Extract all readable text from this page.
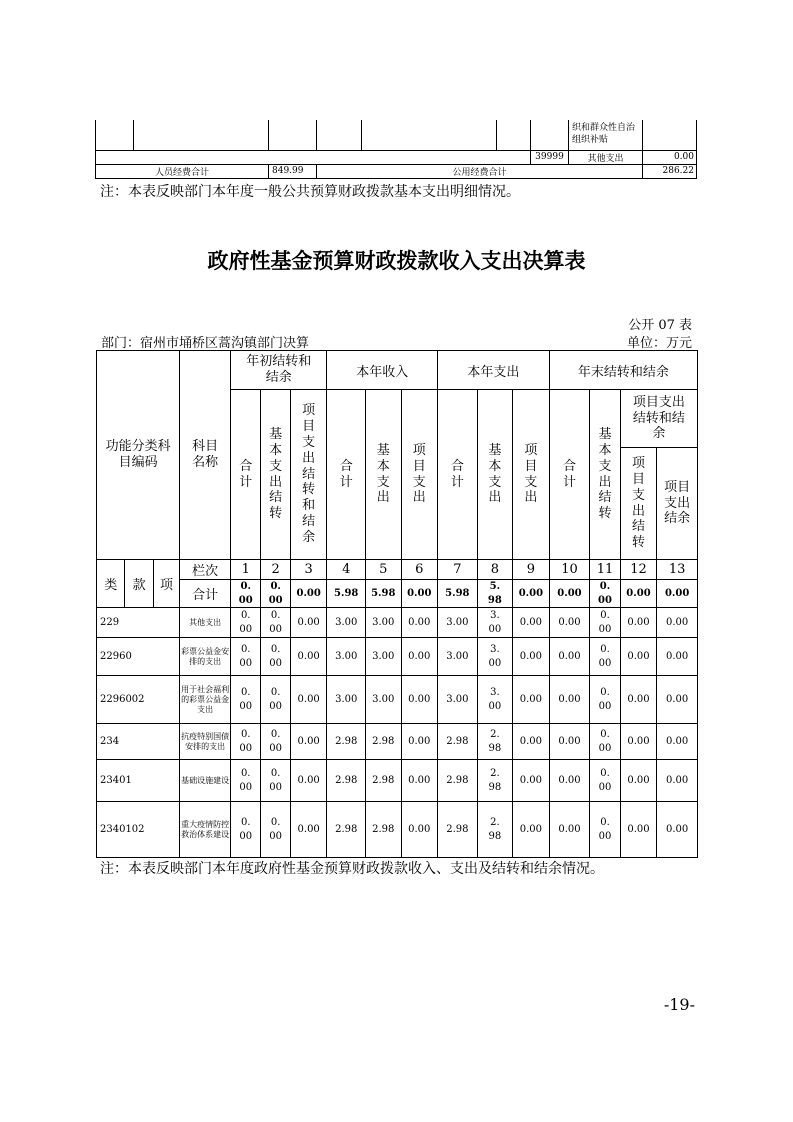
							织和群众性自治组织补贴	
						39999	其他支出	0.00
人员经费合计		849.99	公用经费合计					286.22
注：本表反映部门本年度一般公共预算财政拨款基本支出明细情况。
政府性基金预算财政拨款收入支出决算表
公开 07 表
部门：宿州市埇桥区蒿沟镇部门决算	单位：万元
功能分类科目编码			科目名称	年初结转和结余			本年收入			本年支出			年末结转和结余			

				合计	基本支出结转	项目支出结转和结余	合计	基本支出	项目支出	合计	基本支出	项目支出	合计	基本支出结转	项目支出结转和结余	

															项目支出结转	项目支出结余

类	款	项	栏次	1	2	3	4	5	6	7	8	9	10	11	12	13
			合计	0.00	0.00	0.00	5.98	5.98	0.00	5.98	5.98	0.00	0.00	0.00	0.00	0.00
229			其他支出	0.00	0.00	0.00	3.00	3.00	0.00	3.00	3.00	0.00	0.00	0.00	0.00	0.00
22960			彩票公益金安排的支出	0.00	0.00	0.00	3.00	3.00	0.00	3.00	3.00	0.00	0.00	0.00	0.00	0.00
2296002			用于社会福利的彩票公益金支出	0.00	0.00	0.00	3.00	3.00	0.00	3.00	3.00	0.00	0.00	0.00	0.00	0.00
234			抗疫特别国债安排的支出	0.00	0.00	0.00	2.98	2.98	0.00	2.98	2.98	0.00	0.00	0.00	0.00	0.00
23401			基础设施建设	0.00	0.00	0.00	2.98	2.98	0.00	2.98	2.98	0.00	0.00	0.00	0.00	0.00
2340102			重大疫情防控救治体系建设	0.00	0.00	0.00	2.98	2.98	0.00	2.98	2.98	0.00	0.00	0.00	0.00	0.00
注：本表反映部门本年度政府性基金预算财政拨款收入、支出及结转和结余情况。
-19-
